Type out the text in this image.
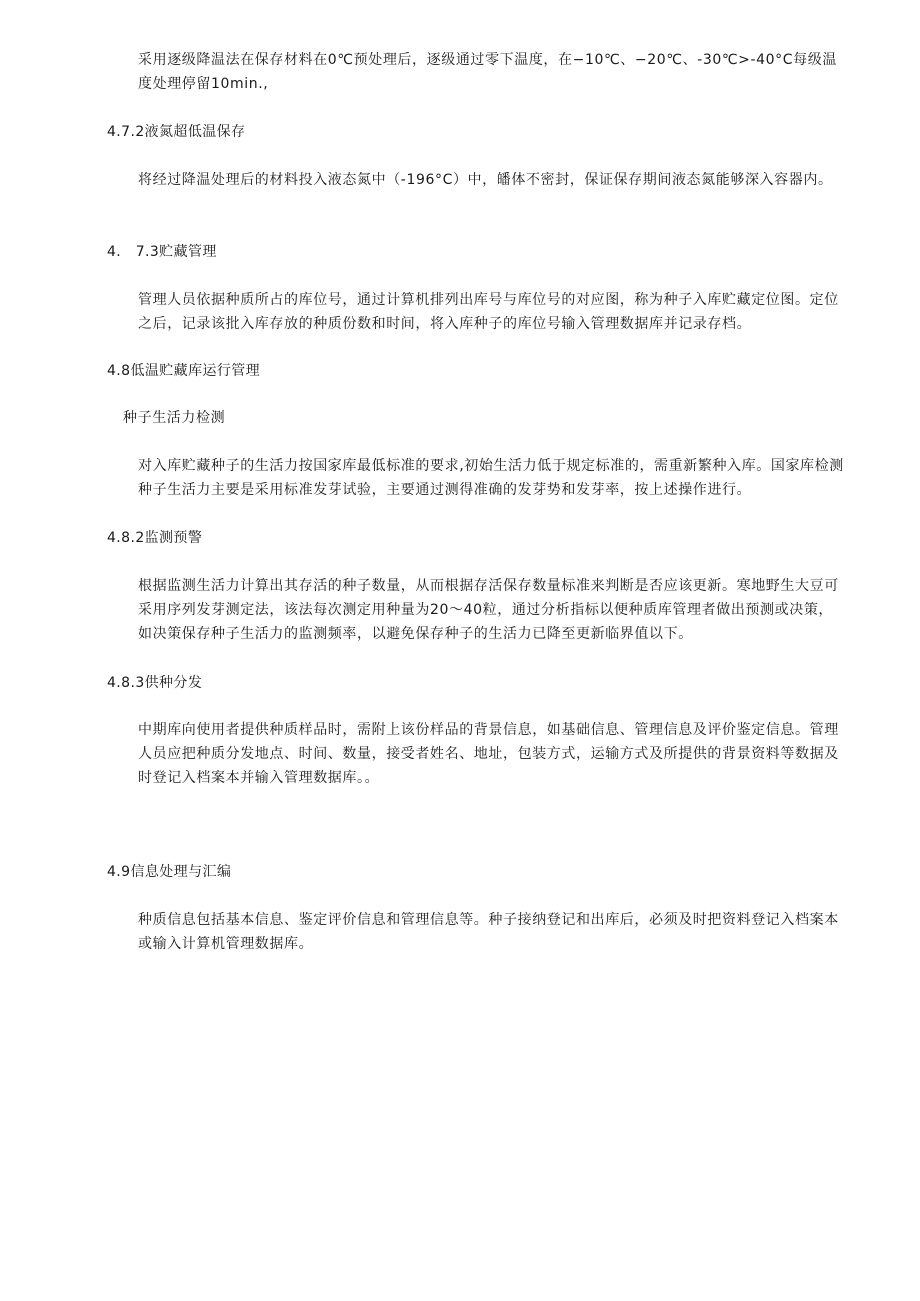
采用逐级降温法在保存材料在0℃预处理后，逐级通过零下温度，在−10℃、−20℃、-30℃>-40°C每级温度处理停留10min.,

4.7.2液氮超低温保存

将经过降温处理后的材料投入液态氮中（-196°C）中，皤体不密封，保证保存期间液态氮能够深入容器内。

4.   7.3贮藏管理

管理人员依据种质所占的库位号，通过计算机排列出库号与库位号的对应图，称为种子入库贮藏定位图。定位之后，记录该批入库存放的种质份数和时间，将入库种子的库位号输入管理数据库并记录存档。

4.8低温贮藏库运行管理

种子生活力检测

对入库贮藏种子的生活力按国家库最低标准的要求,初始生活力低于规定标准的，需重新繁种入库。国家库检测种子生活力主要是采用标准发芽试验，主要通过测得准确的发芽势和发芽率，按上述操作进行。

4.8.2监测预警

根据监测生活力计算出其存活的种子数量，从而根据存活保存数量标准来判断是否应该更新。寒地野生大豆可采用序列发芽测定法，该法每次测定用种量为20〜40粒，通过分析指标以便种质库管理者做出预测或决策，如决策保存种子生活力的监测频率，以避免保存种子的生活力已降至更新临界值以下。

4.8.3供种分发

中期库向使用者提供种质样品时，需附上该份样品的背景信息，如基础信息、管理信息及评价鉴定信息。管理人员应把种质分发地点、时间、数量，接受者姓名、地址，包装方式，运输方式及所提供的背景资料等数据及时登记入档案本并输入管理数据库。。

4.9信息处理与汇编

种质信息包括基本信息、鉴定评价信息和管理信息等。种子接纳登记和出库后，必须及时把资料登记入档案本或输入计算机管理数据库。
